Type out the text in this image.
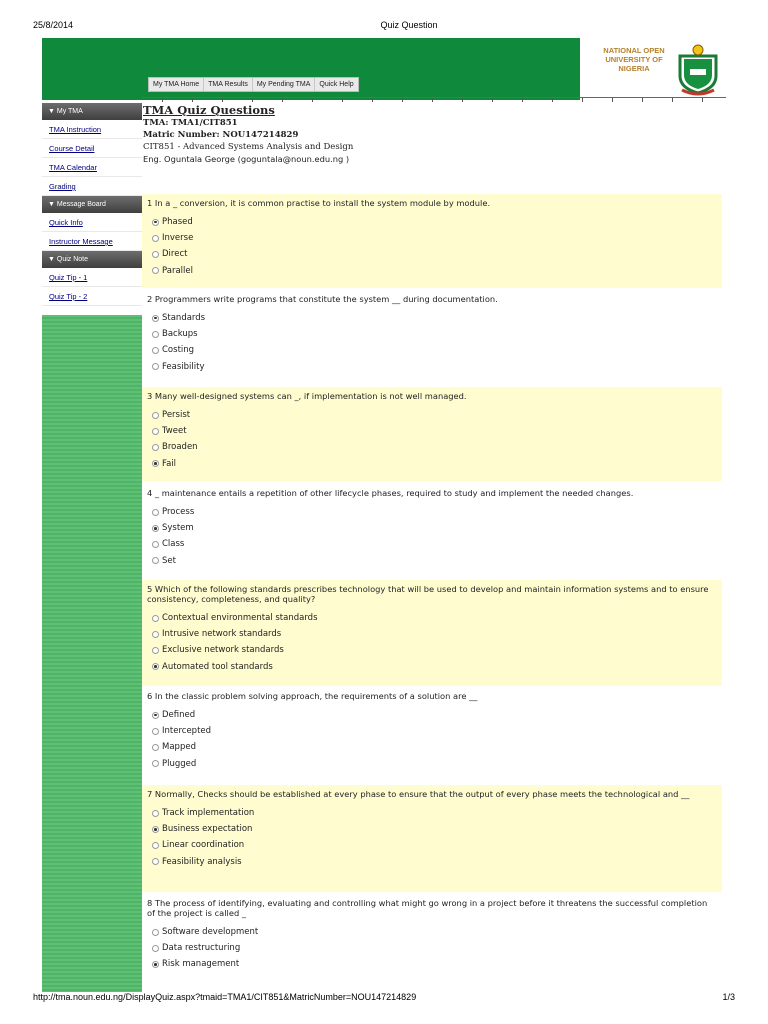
25/8/2014	Quiz Question
NATIONAL OPEN
UNIVERSITY OF
NIGERIA
My TMA Home	TMA Results	My Pending TMA	Quick Help
▼ My TMA
TMA Instruction
Course Detail
TMA Calendar
Grading
▼ Message Board
Quick Info
Instructor Message
▼ Quiz Note
Quiz Tip - 1
Quiz Tip - 2
TMA Quiz Questions
TMA: TMA1/CIT851
Matric Number: NOU147214829
CIT851 - Advanced Systems Analysis and Design
Eng. Oguntala George (goguntala@noun.edu.ng )
1 In a _ conversion, it is common practise to install the system module by module.
Phased
Inverse
Direct
Parallel
2 Programmers write programs that constitute the system __ during documentation.
Standards
Backups
Costing
Feasibility
3 Many well-designed systems can _, if implementation is not well managed.
Persist
Tweet
Broaden
Fail
4 _ maintenance entails a repetition of other lifecycle phases, required to study and implement the needed changes.
Process
System
Class
Set
5 Which of the following standards prescribes technology that will be used to develop and maintain information systems and to ensure consistency, completeness, and quality?
Contextual environmental standards
Intrusive network standards
Exclusive network standards
Automated tool standards
6 In the classic problem solving approach, the requirements of a solution are __
Defined
Intercepted
Mapped
Plugged
7 Normally, Checks should be established at every phase to ensure that the output of every phase meets the technological and __
Track implementation
Business expectation
Linear coordination
Feasibility analysis
8 The process of identifying, evaluating and controlling what might go wrong in a project before it threatens the successful completion of the project is called _
Software development
Data restructuring
Risk management
http://tma.noun.edu.ng/DisplayQuiz.aspx?tmaid=TMA1/CIT851&MatricNumber=NOU147214829	1/3
